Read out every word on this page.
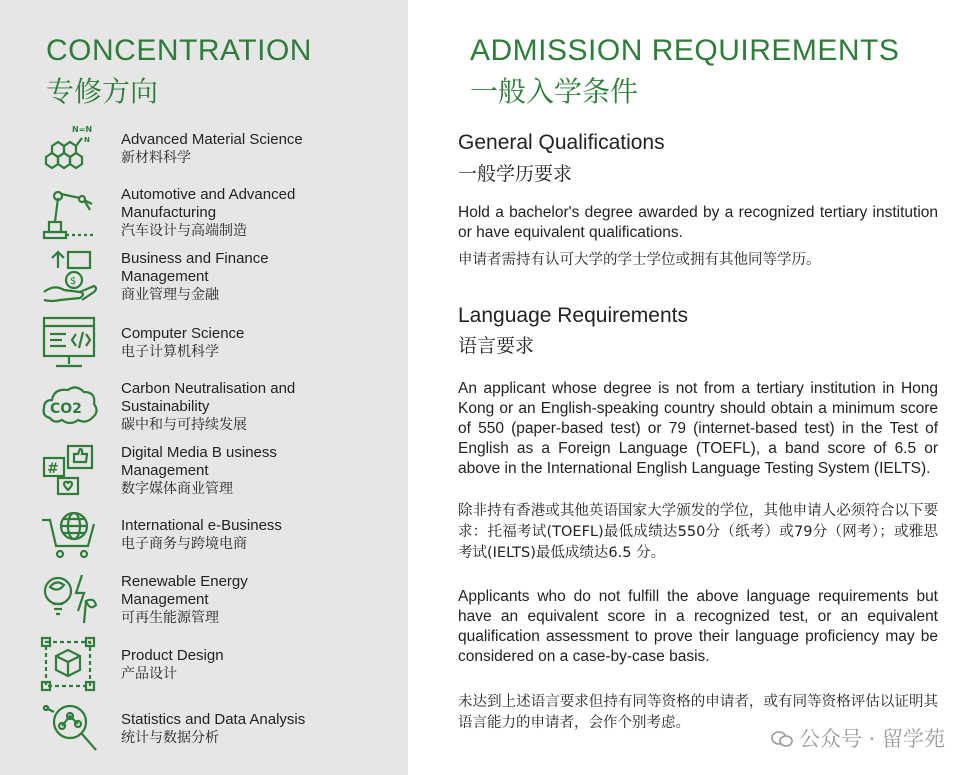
CONCENTRATION
专修方向
N=N
N Advanced Material Science
新材料科学
Automotive and Advanced Manufacturing
汽车设计与高端制造
$
Business and Finance Management
商业管理与金融
Computer Science
电子计算机科学
CO2
Carbon Neutralisation and Sustainability
碳中和与可持续发展
#
Digital Media B usiness Management
数字媒体商业管理
International e-Business
电子商务与跨境电商
Renewable Energy Management
可再生能源管理
Product Design
产品设计
Statistics and Data Analysis
统计与数据分析
ADMISSION REQUIREMENTS
一般入学条件
General Qualifications
一般学历要求
Hold a bachelor's degree awarded by a recognized tertiary institution or have equivalent qualifications.
申请者需持有认可大学的学士学位或拥有其他同等学历。
Language Requirements
语言要求
An applicant whose degree is not from a tertiary institution in Hong Kong or an English-speaking country should obtain a minimum score of 550 (paper-based test) or 79 (internet-based test) in the Test of English as a Foreign Language (TOEFL), a band score of 6.5 or above in the International English Language Testing System (IELTS).
除非持有香港或其他英语国家大学颁发的学位，其他申请人必须符合以下要求：托福考试(TOEFL)最低成绩达550分（纸考）或79分（网考）；或雅思考试(IELTS)最低成绩达6.5 分。
Applicants who do not fulfill the above language requirements but have an equivalent score in a recognized test, or an equivalent qualification assessment to prove their language proficiency may be considered on a case-by-case basis.
未达到上述语言要求但持有同等资格的申请者，或有同等资格评估以证明其语言能力的申请者，会作个别考虑。
公众号 · 留学苑
